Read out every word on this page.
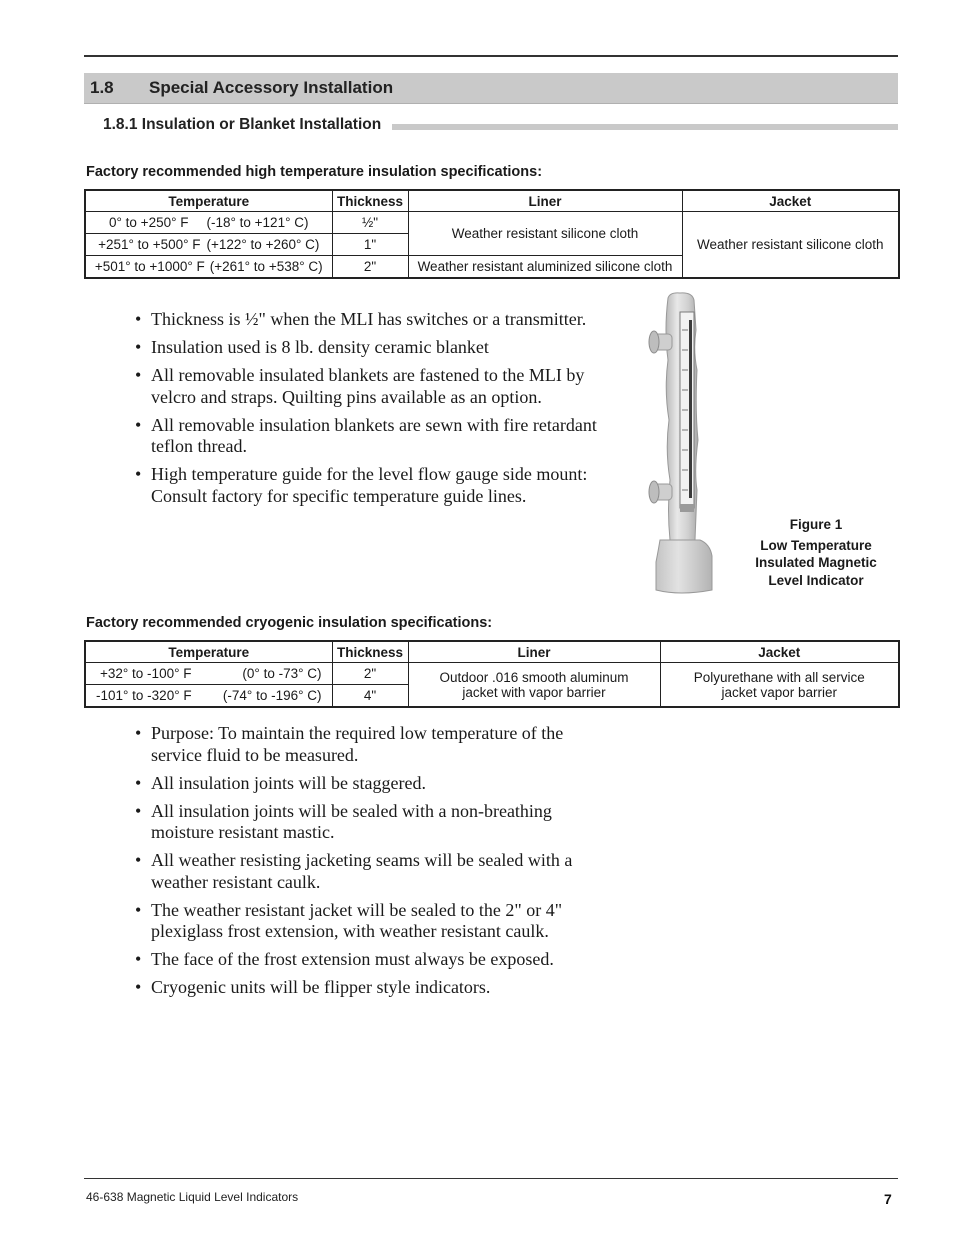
1.8 Special Accessory Installation
1.8.1 Insulation or Blanket Installation
Factory recommended high temperature insulation specifications:
Temperature	Thickness	Liner	Jacket

0° to +250° F (-18° to +121° C)	½"	Weather resistant silicone cloth	Weather resistant silicone cloth

+251° to +500° F (+122° to +260° C)	1"		

+501° to +1000° F (+261° to +538° C)	2"	Weather resistant aluminized silicone cloth	
• Thickness is ½" when the MLI has switches or a transmitter.
• Insulation used is 8 lb. density ceramic blanket
• All removable insulated blankets are fastened to the MLI by velcro and straps. Quilting pins available as an option.
• All removable insulation blankets are sewn with fire retardant teflon thread.
• High temperature guide for the level flow gauge side mount: Consult factory for specific temperature guide lines.
Figure 1
Low Temperature Insulated Magnetic Level Indicator
Factory recommended cryogenic insulation specifications:
Temperature	Thickness	Liner	Jacket

+32° to -100° F (0° to -73° C)	2"	Outdoor .016 smooth aluminum jacket with vapor barrier	Polyurethane with all service jacket vapor barrier

-101° to -320° F (-74° to -196° C)	4"		
• Purpose: To maintain the required low temperature of the service fluid to be measured.
• All insulation joints will be staggered.
• All insulation joints will be sealed with a non-breathing moisture resistant mastic.
• All weather resisting jacketing seams will be sealed with a weather resistant caulk.
• The weather resistant jacket will be sealed to the 2" or 4" plexiglass frost extension, with weather resistant caulk.
• The face of the frost extension must always be exposed.
• Cryogenic units will be flipper style indicators.
46-638 Magnetic Liquid Level Indicators	7
